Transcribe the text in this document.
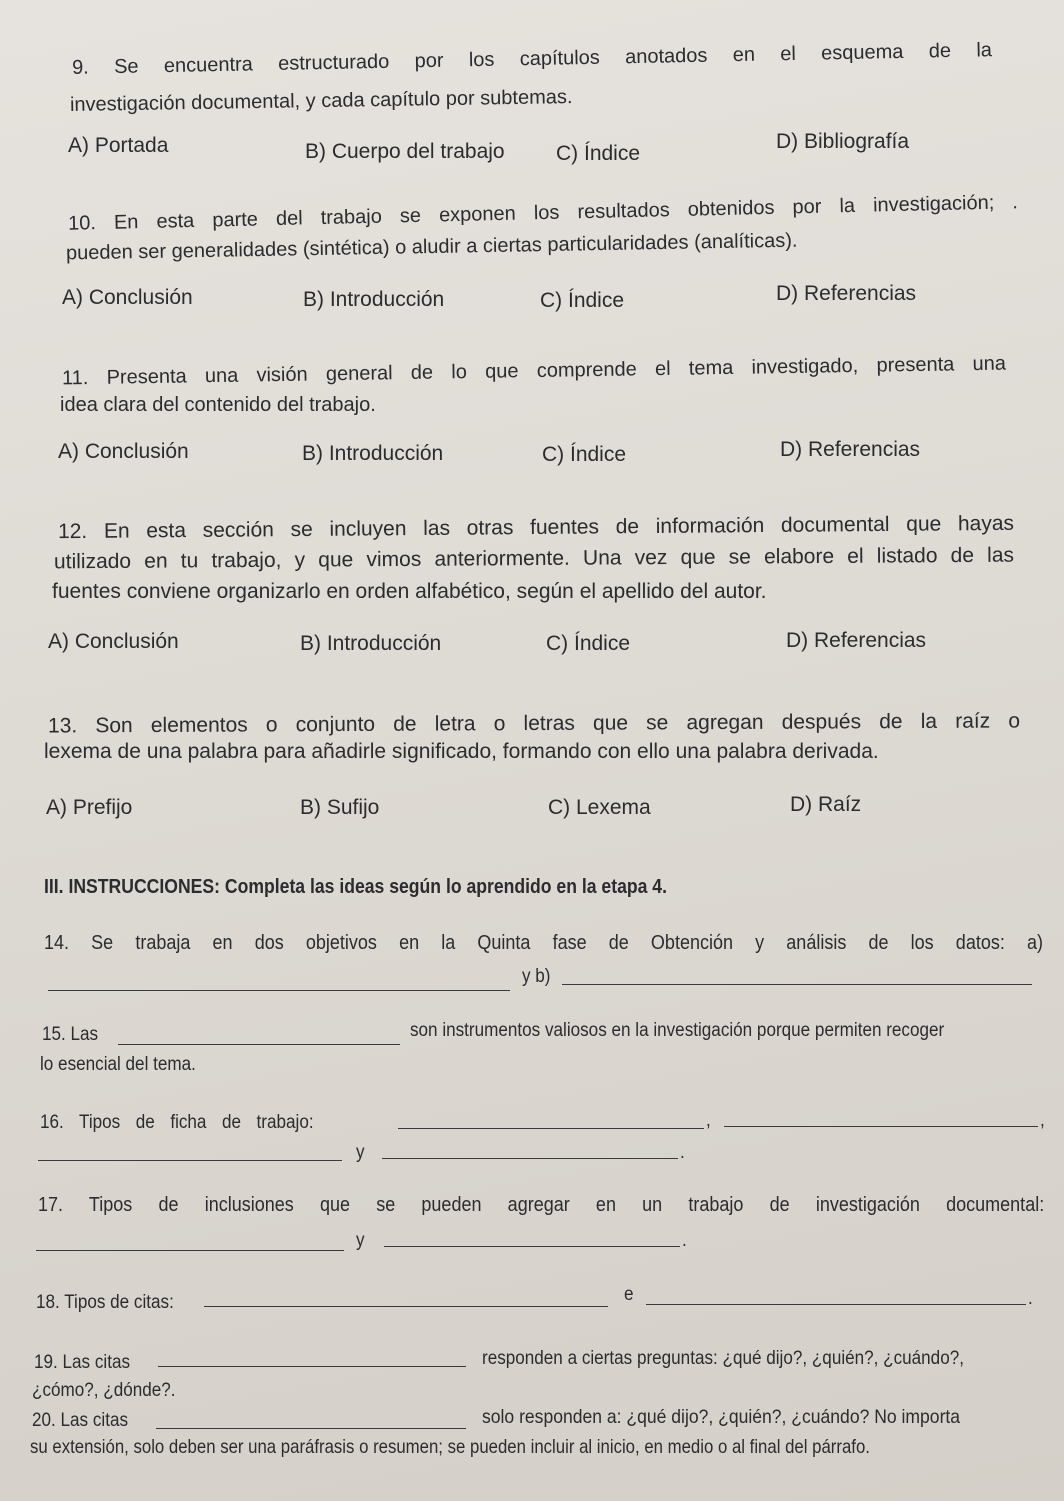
9. Se encuentra estructurado por los capítulos anotados en el esquema de la
investigación documental, y cada capítulo por subtemas.
A) Portada	B) Cuerpo del trabajo C) Índice
D) Bibliografía
10. En esta parte del trabajo se exponen los resultados obtenidos por la investigación; .
pueden ser generalidades (sintética) o aludir a ciertas particularidades (analíticas).
A) Conclusión	B) Introducción	C) Índice	D) Referencias
11. Presenta una visión general de lo que comprende el tema investigado, presenta una
idea clara del contenido del trabajo.
A) Conclusión	B) Introducción	C) Índice	D) Referencias
12. En esta sección se incluyen las otras fuentes de información documental que hayas
utilizado en tu trabajo, y que vimos anteriormente. Una vez que se elabore el listado de las
fuentes conviene organizarlo en orden alfabético, según el apellido del autor.
A) Conclusión	B) Introducción	C) Índice	D) Referencias
13. Son elementos o conjunto de letra o letras que se agregan después de la raíz o
lexema de una palabra para añadirle significado, formando con ello una palabra derivada.
A) Prefijo	B) Sufijo	C) Lexema	D) Raíz
III. INSTRUCCIONES: Completa las ideas según lo aprendido en la etapa 4.
14. Se trabaja en dos objetivos en la Quinta fase de Obtención y análisis de los datos: a)
y b)
15. Las	son instrumentos valiosos en la investigación porque permiten recoger
lo esencial del tema.
16. Tipos de ficha de trabajo:	,	,
y	.
17. Tipos de inclusiones que se pueden agregar en un trabajo de investigación documental:
y	.
18. Tipos de citas:	e	.
19. Las citas	responden a ciertas preguntas: ¿qué dijo?, ¿quién?, ¿cuándo?,
¿cómo?, ¿dónde?.
20. Las citas	solo responden a: ¿qué dijo?, ¿quién?, ¿cuándo? No importa
su extensión, solo deben ser una paráfrasis o resumen; se pueden incluir al inicio, en medio o al final del párrafo.
